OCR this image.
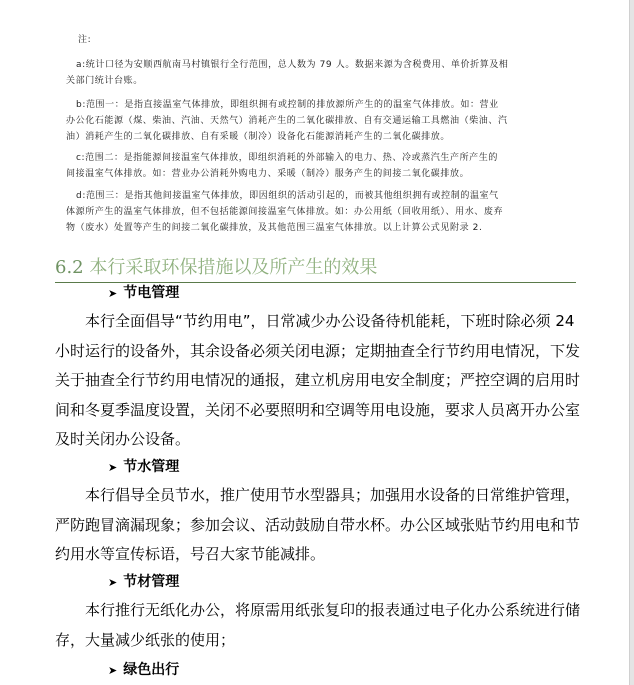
注:
a:统计口径为安顺西航南马村镇银行全行范围，总人数为 79 人。数据来源为含税费用、单价折算及相
关部门统计台账。
b:范围一：是指直接温室气体排放，即组织拥有或控制的排放源所产生的的温室气体排放。如：营业
办公化石能源（煤、柴油、汽油、天然气）消耗产生的二氧化碳排放、自有交通运输工具燃油（柴油、汽
油）消耗产生的二氧化碳排放、自有采暖（制冷）设备化石能源消耗产生的二氧化碳排放。
c:范围二：是指能源间接温室气体排放，即组织消耗的外部输入的电力、热、冷或蒸汽生产所产生的
间接温室气体排放。如：营业办公消耗外购电力、采暖（制冷）服务产生的间接二氧化碳排放。
d:范围三：是指其他间接温室气体排放，即因组织的活动引起的，而被其他组织拥有或控制的温室气
体源所产生的温室气体排放，但不包括能源间接温室气体排放。如：办公用纸（回收用纸）、用水、废弃
物（废水）处置等产生的间接二氧化碳排放，及其他范围三温室气体排放。以上计算公式见附录 2.
6.2 本行采取环保措施以及所产生的效果
➤ 节电管理
本行全面倡导“节约用电”，日常减少办公设备待机能耗，下班时除必须 24
小时运行的设备外，其余设备必须关闭电源；定期抽查全行节约用电情况，下发
关于抽查全行节约用电情况的通报，建立机房用电安全制度；严控空调的启用时
间和冬夏季温度设置，关闭不必要照明和空调等用电设施，要求人员离开办公室
及时关闭办公设备。
➤ 节水管理
本行倡导全员节水，推广使用节水型器具；加强用水设备的日常维护管理，
严防跑冒滴漏现象；参加会议、活动鼓励自带水杯。办公区域张贴节约用电和节
约用水等宣传标语，号召大家节能减排。
➤ 节材管理
本行推行无纸化办公，将原需用纸张复印的报表通过电子化办公系统进行储
存，大量减少纸张的使用；
➤ 绿色出行
